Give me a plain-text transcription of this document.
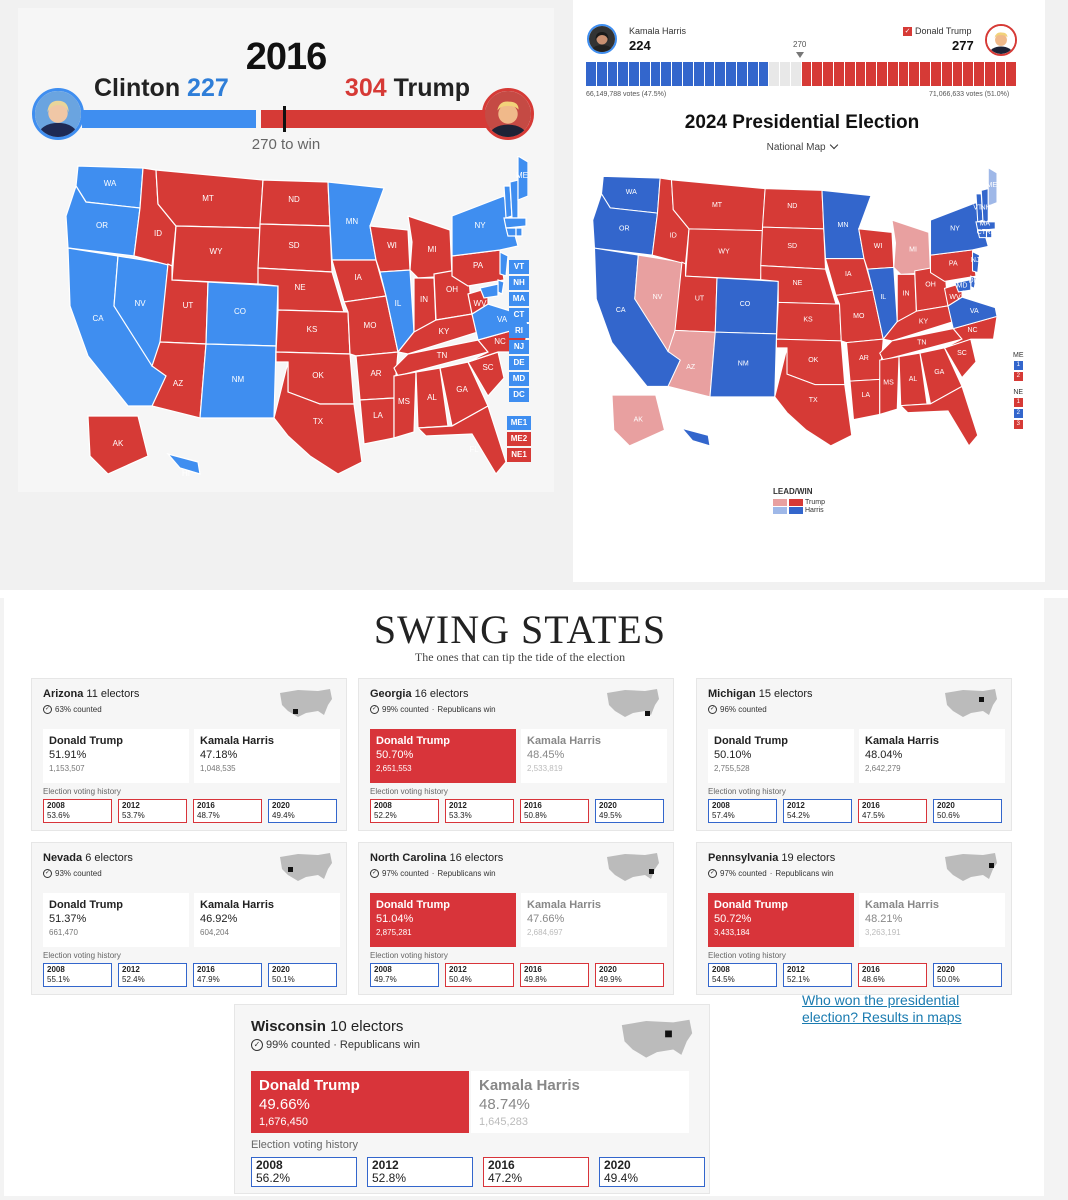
2016
Clinton 227	304 Trump
270 to win
WA
OR
CA
NV
ID
MT
WY
UT
AZ
CO
NM
ND
SD
NE
KS
OK
TX
MN
IA
MO
AR
LA
WI
IL
MI
IN
OH
KY
TN
MS AL
GA
FL
SC
NC
VA
WV
PA
NY
ME
AK
HI
VT
NH
MA
CT
RI
NJ
DE
MD
DC
ME1
ME2
NE1
Kamala Harris
224
✓ Donald Trump
277
270
66,149,788 votes (47.5%)	71,066,633 votes (51.0%)
2024 Presidential Election
National Map
WA
OR
CA
NV
ID
MT
WY
UT
AZ
CO
NM
ND
SD
NE
KS
OK
TX
MN
IA
MO
AR
LA
WI
IL
MI
IN
OH
KY
TN
MS AL
GA
FL
SC
NC
VA
WV
PA
NY
ME
VT
NH
MA
RI
CT
NJ
DE
MD
DC
AK
HI
ME
1
2
NE
1
2
3
LEAD/WIN
Trump
Harris
SWING STATES
The ones that can tip the tide of the election
Arizona 11 electors
✓ 63% counted
Donald Trump
51.91%
1,153,507
Kamala Harris
47.18%
1,048,535
Election voting history
2008
53.6%
2012
53.7%
2016
48.7%
2020
49.4%
Georgia 16 electors
✓ 99% counted · Republicans win
Donald Trump
50.70%
2,651,553
Kamala Harris
48.45%
2,533,819
Election voting history
2008
52.2%
2012
53.3%
2016
50.8%
2020
49.5%
Michigan 15 electors
✓ 96% counted
Donald Trump
50.10%
2,755,528
Kamala Harris
48.04%
2,642,279
Election voting history
2008
57.4%
2012
54.2%
2016
47.5%
2020
50.6%
Nevada 6 electors
✓ 93% counted
Donald Trump
51.37%
661,470
Kamala Harris
46.92%
604,204
Election voting history
2008
55.1%
2012
52.4%
2016
47.9%
2020
50.1%
North Carolina 16 electors
✓ 97% counted · Republicans win
Donald Trump
51.04%
2,875,281
Kamala Harris
47.66%
2,684,697
Election voting history
2008
49.7%
2012
50.4%
2016
49.8%
2020
49.9%
Pennsylvania 19 electors
✓ 97% counted · Republicans win
Donald Trump
50.72%
3,433,184
Kamala Harris
48.21%
3,263,191
Election voting history
2008
54.5%
2012
52.1%
2016
48.6%
2020
50.0%
Wisconsin 10 electors
✓ 99% counted · Republicans win
Donald Trump
49.66%
1,676,450
Kamala Harris
48.74%
1,645,283
Election voting history
2008
56.2%
2012
52.8%
2016
47.2%
2020
49.4%
Who won the presidential election? Results in maps
